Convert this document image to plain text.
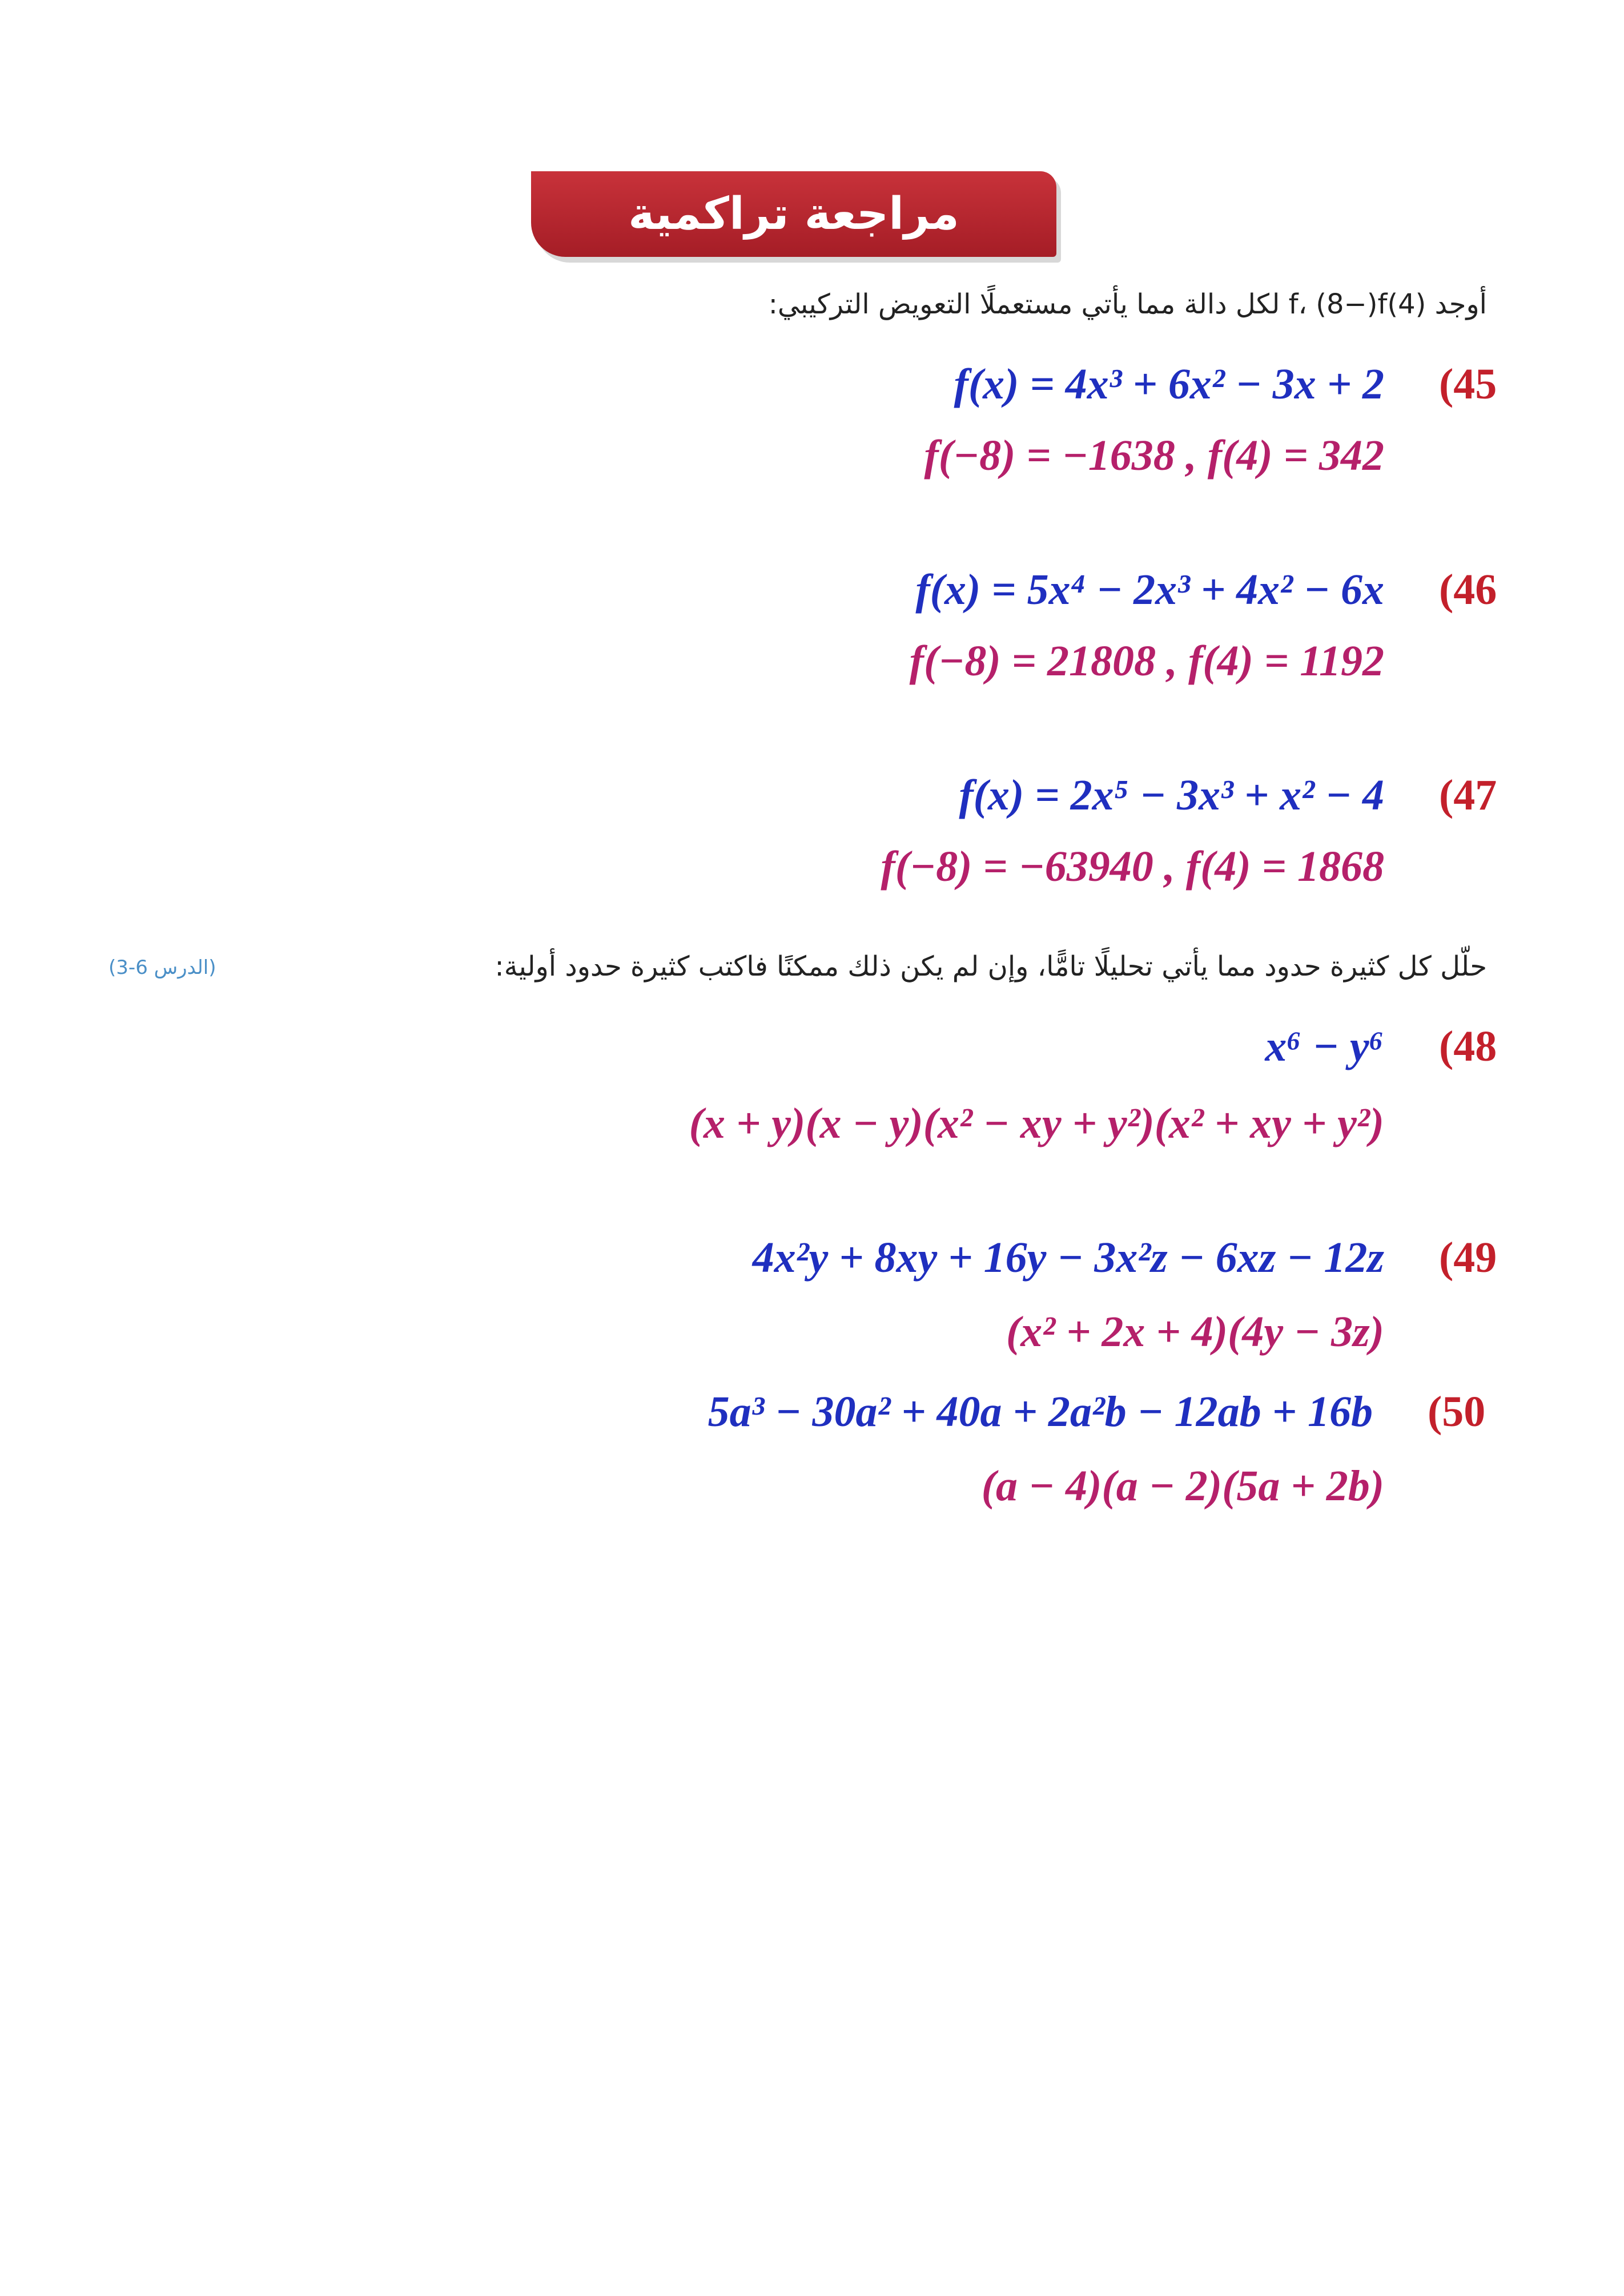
مراجعة تراكمية
أوجد (4)f، (8−)f لكل دالة مما يأتي مستعملًا التعويض التركيبي:
(45
f(x) = 4x³ + 6x² − 3x + 2
f(−8) = −1638 , f(4) = 342
(46
f(x) = 5x⁴ − 2x³ + 4x² − 6x
f(−8) = 21808 , f(4) = 1192
(47
f(x) = 2x⁵ − 3x³ + x² − 4
f(−8) = −63940 , f(4) = 1868
حلّل كل كثيرة حدود مما يأتي تحليلًا تامًّا، وإن لم يكن ذلك ممكنًا فاكتب كثيرة حدود أولية:
(الدرس 6-3)
(48
x⁶ − y⁶
(x + y)(x − y)(x² − xy + y²)(x² + xy + y²)
(49
4x²y + 8xy + 16y − 3x²z − 6xz − 12z
(x² + 2x + 4)(4y − 3z)
(50
5a³ − 30a² + 40a + 2a²b − 12ab + 16b
(a − 4)(a − 2)(5a + 2b)
